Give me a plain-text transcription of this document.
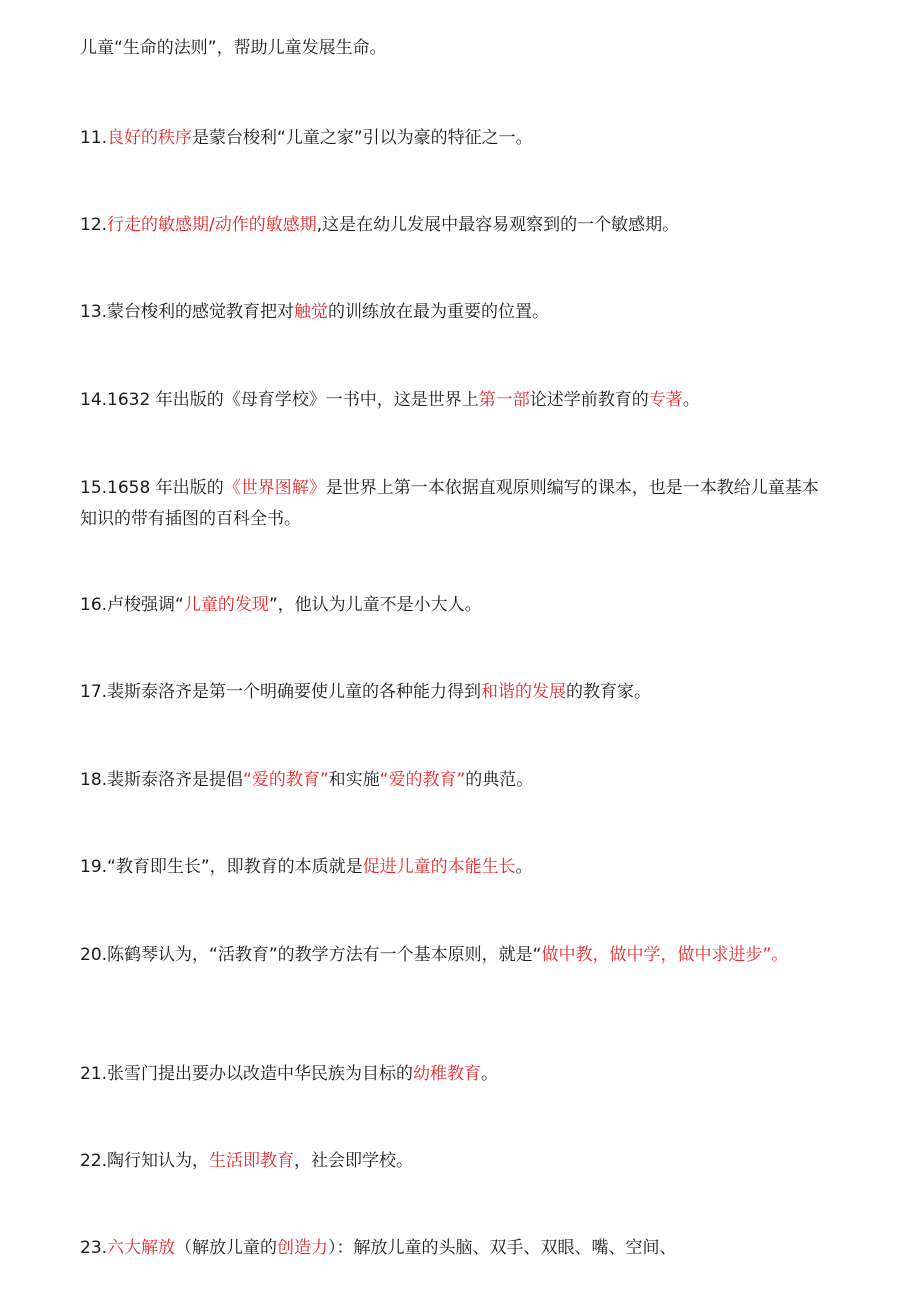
儿童“生命的法则”，帮助儿童发展生命。
11.良好的秩序是蒙台梭利“儿童之家”引以为豪的特征之一。
12.行走的敏感期/动作的敏感期,这是在幼儿发展中最容易观察到的一个敏感期。
13.蒙台梭利的感觉教育把对触觉的训练放在最为重要的位置。
14.1632 年出版的《母育学校》一书中，这是世界上第一部论述学前教育的专著。
15.1658 年出版的《世界图解》是世界上第一本依据直观原则编写的课本，也是一本教给儿童基本知识的带有插图的百科全书。
16.卢梭强调“儿童的发现”，他认为儿童不是小大人。
17.裴斯泰洛齐是第一个明确要使儿童的各种能力得到和谐的发展的教育家。
18.裴斯泰洛齐是提倡“爱的教育”和实施“爱的教育”的典范。
19.“教育即生长”，即教育的本质就是促进儿童的本能生长。
20.陈鹤琴认为，“活教育”的教学方法有一个基本原则，就是“做中教，做中学，做中求进步”。
21.张雪门提出要办以改造中华民族为目标的幼稚教育。
22.陶行知认为，生活即教育，社会即学校。
23.六大解放（解放儿童的创造力）：解放儿童的头脑、双手、双眼、嘴、空间、
